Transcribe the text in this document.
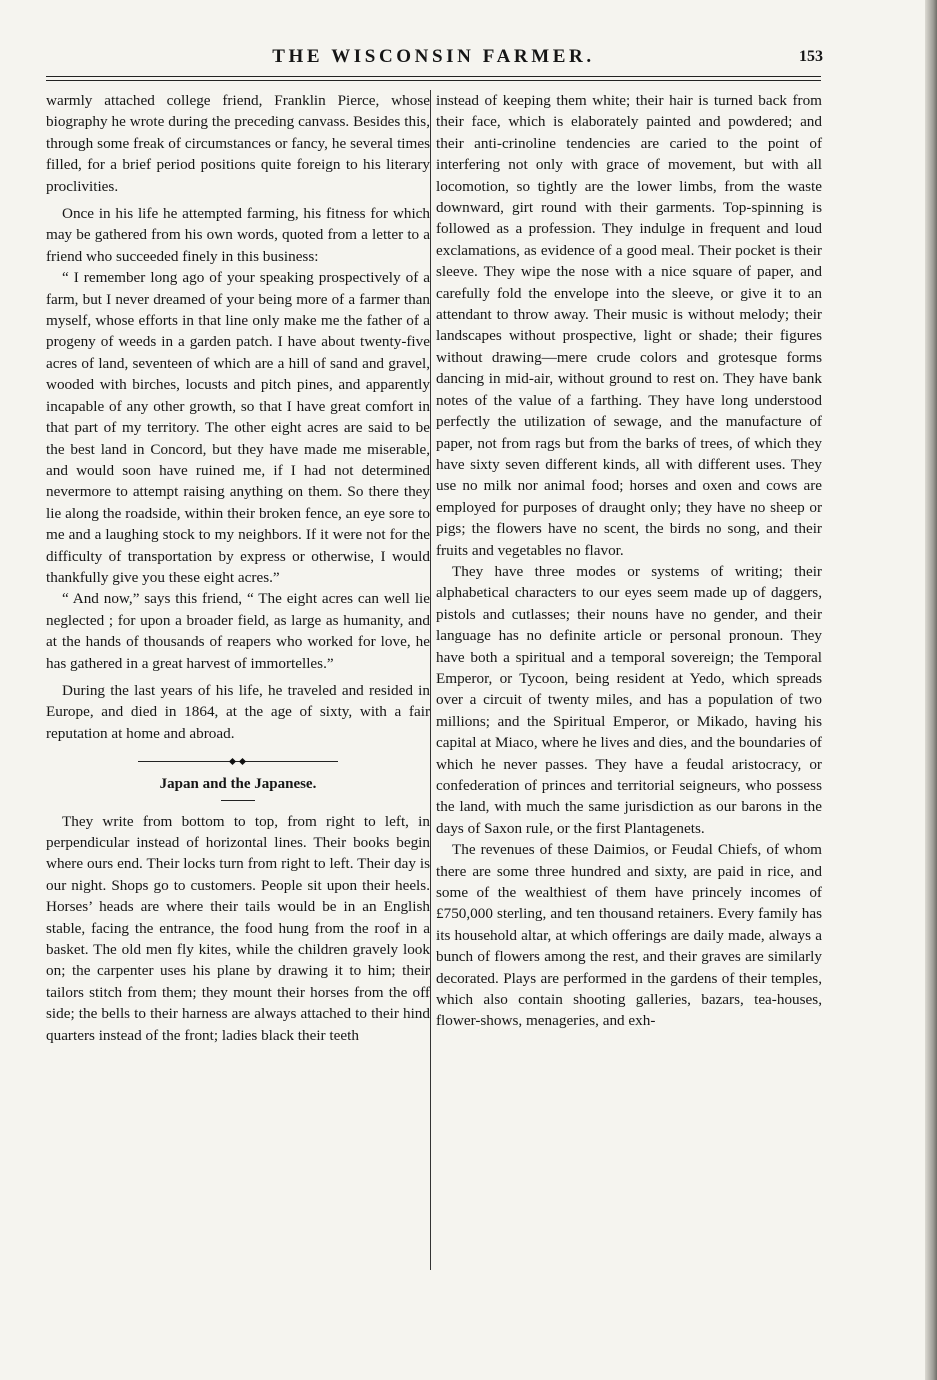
THE WISCONSIN FARMER.	153

warmly attached college friend, Franklin Pierce, whose biography he wrote during the preceding canvass. Besides this, through some freak of circumstances or fancy, he several times filled, for a brief period positions quite foreign to his literary proclivities.

Once in his life he attempted farming, his fitness for which may be gathered from his own words, quoted from a letter to a friend who succeeded finely in this business:

“ I remember long ago of your speaking prospectively of a farm, but I never dreamed of your being more of a farmer than myself, whose efforts in that line only make me the father of a progeny of weeds in a garden patch. I have about twenty-five acres of land, seventeen of which are a hill of sand and gravel, wooded with birches, locusts and pitch pines, and apparently incapable of any other growth, so that I have great comfort in that part of my territory. The other eight acres are said to be the best land in Concord, but they have made me miserable, and would soon have ruined me, if I had not determined nevermore to attempt raising anything on them. So there they lie along the roadside, within their broken fence, an eye sore to me and a laughing stock to my neighbors. If it were not for the difficulty of transportation by express or otherwise, I would thankfully give you these eight acres.”

“ And now,” says this friend, “ The eight acres can well lie neglected ; for upon a broader field, as large as humanity, and at the hands of thousands of reapers who worked for love, he has gathered in a great harvest of immortelles.”

During the last years of his life, he traveled and resided in Europe, and died in 1864, at the age of sixty, with a fair reputation at home and abroad.

Japan and the Japanese.

They write from bottom to top, from right to left, in perpendicular instead of horizontal lines. Their books begin where ours end. Their locks turn from right to left. Their day is our night. Shops go to customers. People sit upon their heels. Horses’ heads are where their tails would be in an English stable, facing the entrance, the food hung from the roof in a basket. The old men fly kites, while the children gravely look on; the carpenter uses his plane by drawing it to him; their tailors stitch from them; they mount their horses from the off side; the bells to their harness are always attached to their hind quarters instead of the front; ladies black their teeth

instead of keeping them white; their hair is turned back from their face, which is elaborately painted and powdered; and their anti-crinoline tendencies are caried to the point of interfering not only with grace of movement, but with all locomotion, so tightly are the lower limbs, from the waste downward, girt round with their garments. Top-spinning is followed as a profession. They indulge in frequent and loud exclamations, as evidence of a good meal. Their pocket is their sleeve. They wipe the nose with a nice square of paper, and carefully fold the envelope into the sleeve, or give it to an attendant to throw away. Their music is without melody; their landscapes without prospective, light or shade; their figures without drawing—mere crude colors and grotesque forms dancing in mid-air, without ground to rest on. They have bank notes of the value of a farthing. They have long understood perfectly the utilization of sewage, and the manufacture of paper, not from rags but from the barks of trees, of which they have sixty seven different kinds, all with different uses. They use no milk nor animal food; horses and oxen and cows are employed for purposes of draught only; they have no sheep or pigs; the flowers have no scent, the birds no song, and their fruits and vegetables no flavor.

They have three modes or systems of writing; their alphabetical characters to our eyes seem made up of daggers, pistols and cutlasses; their nouns have no gender, and their language has no definite article or personal pronoun. They have both a spiritual and a temporal sovereign; the Temporal Emperor, or Tycoon, being resident at Yedo, which spreads over a circuit of twenty miles, and has a population of two millions; and the Spiritual Emperor, or Mikado, having his capital at Miaco, where he lives and dies, and the boundaries of which he never passes. They have a feudal aristocracy, or confederation of princes and territorial seigneurs, who possess the land, with much the same jurisdiction as our barons in the days of Saxon rule, or the first Plantagenets.

The revenues of these Daimios, or Feudal Chiefs, of whom there are some three hundred and sixty, are paid in rice, and some of the wealthiest of them have princely incomes of £750,000 sterling, and ten thousand retainers. Every family has its household altar, at which offerings are daily made, always a bunch of flowers among the rest, and their graves are similarly decorated. Plays are performed in the gardens of their temples, which also contain shooting galleries, bazars, tea-houses, flower-shows, menageries, and exh-
